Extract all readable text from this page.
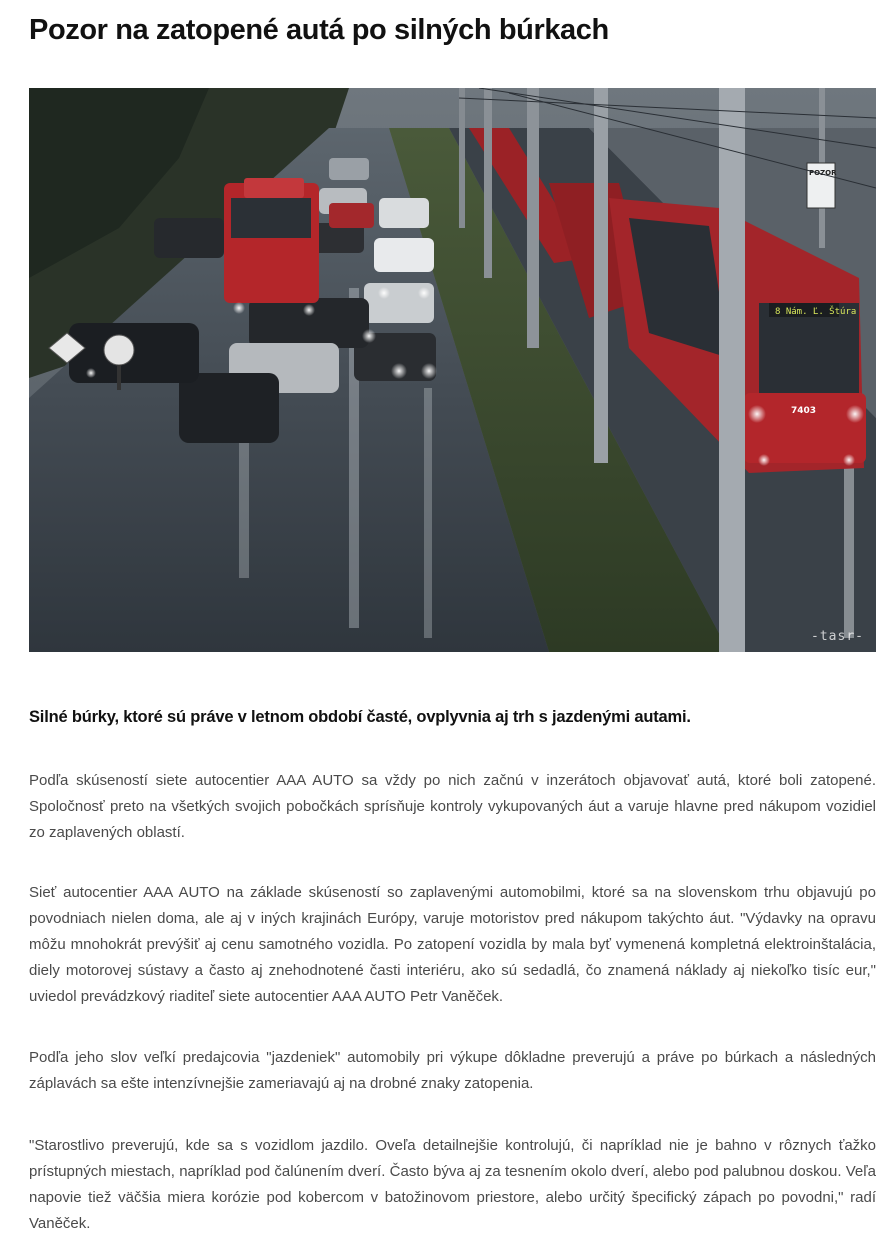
Pozor na zatopené autá po silných búrkach
8 Nám. Ľ. Štúra
7403
POZOR
-tasr-

Silné búrky, ktoré sú práve v letnom období časté, ovplyvnia aj trh s jazdenými autami.

Podľa skúseností siete autocentier AAA AUTO sa vždy po nich začnú v inzerátoch objavovať autá, ktoré boli zatopené. Spoločnosť preto na všetkých svojich pobočkách sprísňuje kontroly vykupovaných áut a varuje hlavne pred nákupom vozidiel zo zaplavených oblastí.

Sieť autocentier AAA AUTO na základe skúseností so zaplavenými automobilmi, ktoré sa na slovenskom trhu objavujú po povodniach nielen doma, ale aj v iných krajinách Európy, varuje motoristov pred nákupom takýchto áut. "Výdavky na opravu môžu mnohokrát prevýšiť aj cenu samotného vozidla. Po zatopení vozidla by mala byť vymenená kompletná elektroinštalácia, diely motorovej sústavy a často aj znehodnotené časti interiéru, ako sú sedadlá, čo znamená náklady aj niekoľko tisíc eur," uviedol prevádzkový riaditeľ siete autocentier AAA AUTO Petr Vaněček.

Podľa jeho slov veľkí predajcovia "jazdeniek" automobily pri výkupe dôkladne preverujú a práve po búrkach a následných záplavách sa ešte intenzívnejšie zameriavajú aj na drobné znaky zatopenia.

"Starostlivo preverujú, kde sa s vozidlom jazdilo. Oveľa detailnejšie kontrolujú, či napríklad nie je bahno v rôznych ťažko prístupných miestach, napríklad pod čalúnením dverí. Často býva aj za tesnením okolo dverí, alebo pod palubnou doskou. Veľa napovie tiež väčšia miera korózie pod kobercom v batožinovom priestore, alebo určitý špecifický zápach po povodni," radí Vaněček.
